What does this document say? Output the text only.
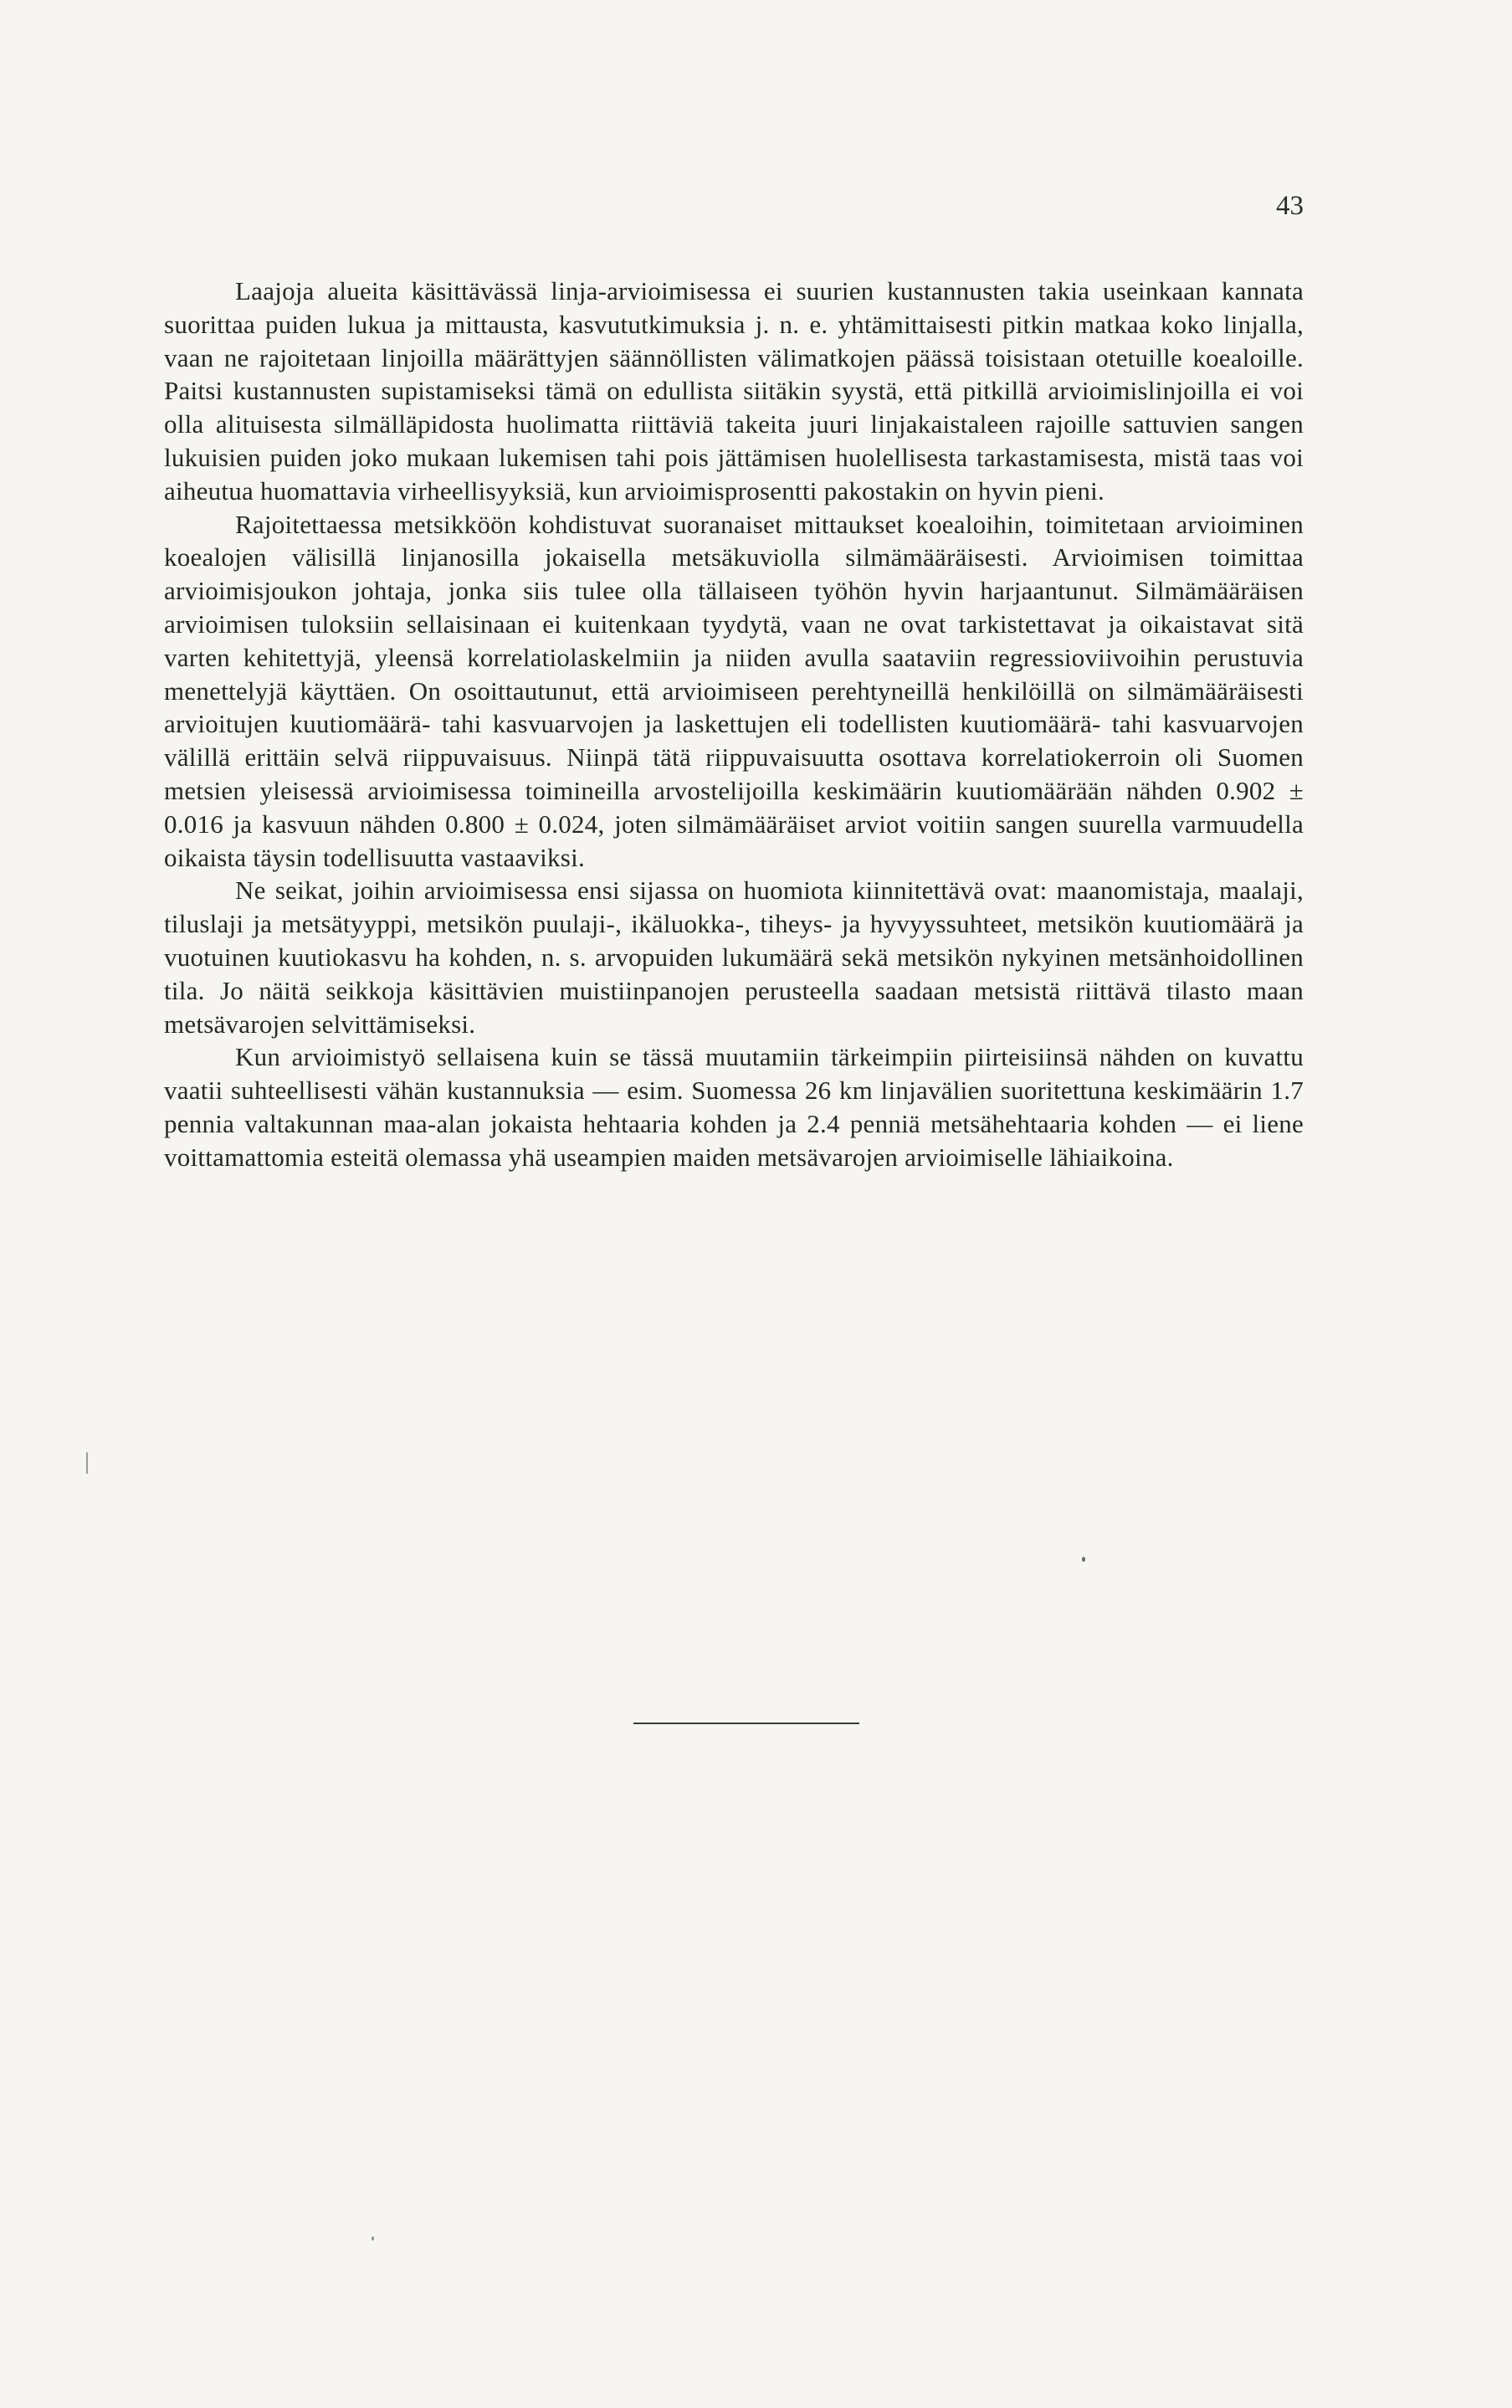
43

Laajoja alueita käsittävässä linja-arvioimisessa ei suurien kustannusten takia useinkaan kannata suorittaa puiden lukua ja mittausta, kasvututkimuksia j. n. e. yhtämittaisesti pitkin matkaa koko linjalla, vaan ne rajoitetaan linjoilla määrättyjen säännöllisten välimatkojen päässä toisistaan otetuille koealoille. Paitsi kustannusten supistamiseksi tämä on edullista siitäkin syystä, että pitkillä arvioimislinjoilla ei voi olla alituisesta silmälläpidosta huolimatta riittäviä takeita juuri linjakaistaleen rajoille sattuvien sangen lukuisien puiden joko mukaan lukemisen tahi pois jättämisen huolellisesta tarkastamisesta, mistä taas voi aiheutua huomattavia virheellisyyksiä, kun arvioimisprosentti pakostakin on hyvin pieni.

Rajoitettaessa metsikköön kohdistuvat suoranaiset mittaukset koealoihin, toimitetaan arvioiminen koealojen välisillä linjanosilla jokaisella metsäkuviolla silmämääräisesti. Arvioimisen toimittaa arvioimisjoukon johtaja, jonka siis tulee olla tällaiseen työhön hyvin harjaantunut. Silmämääräisen arvioimisen tuloksiin sellaisinaan ei kuitenkaan tyydytä, vaan ne ovat tarkistettavat ja oikaistavat sitä varten kehitettyjä, yleensä korrelatiolaskelmiin ja niiden avulla saataviin regressioviivoihin perustuvia menettelyjä käyttäen. On osoittautunut, että arvioimiseen perehtyneillä henkilöillä on silmämääräisesti arvioitujen kuutiomäärä- tahi kasvuarvojen ja laskettujen eli todellisten kuutiomäärä- tahi kasvuarvojen välillä erittäin selvä riippuvaisuus. Niinpä tätä riippuvaisuutta osottava korrelatiokerroin oli Suomen metsien yleisessä arvioimisessa toimineilla arvostelijoilla keskimäärin kuutiomäärään nähden 0.902 ± 0.016 ja kasvuun nähden 0.800 ± 0.024, joten silmämääräiset arviot voitiin sangen suurella varmuudella oikaista täysin todellisuutta vastaaviksi.

Ne seikat, joihin arvioimisessa ensi sijassa on huomiota kiinnitettävä ovat: maanomistaja, maalaji, tiluslaji ja metsätyyppi, metsikön puulaji-, ikäluokka-, tiheys- ja hyvyyssuhteet, metsikön kuutiomäärä ja vuotuinen kuutiokasvu ha kohden, n. s. arvopuiden lukumäärä sekä metsikön nykyinen metsänhoidollinen tila. Jo näitä seikkoja käsittävien muistiinpanojen perusteella saadaan metsistä riittävä tilasto maan metsävarojen selvittämiseksi.

Kun arvioimistyö sellaisena kuin se tässä muutamiin tärkeimpiin piirteisiinsä nähden on kuvattu vaatii suhteellisesti vähän kustannuksia — esim. Suomessa 26 km linjavälien suoritettuna keskimäärin 1.7 pennia valtakunnan maa-alan jokaista hehtaaria kohden ja 2.4 penniä metsähehtaaria kohden — ei liene voittamattomia esteitä olemassa yhä useampien maiden metsävarojen arvioimiselle lähiaikoina.
